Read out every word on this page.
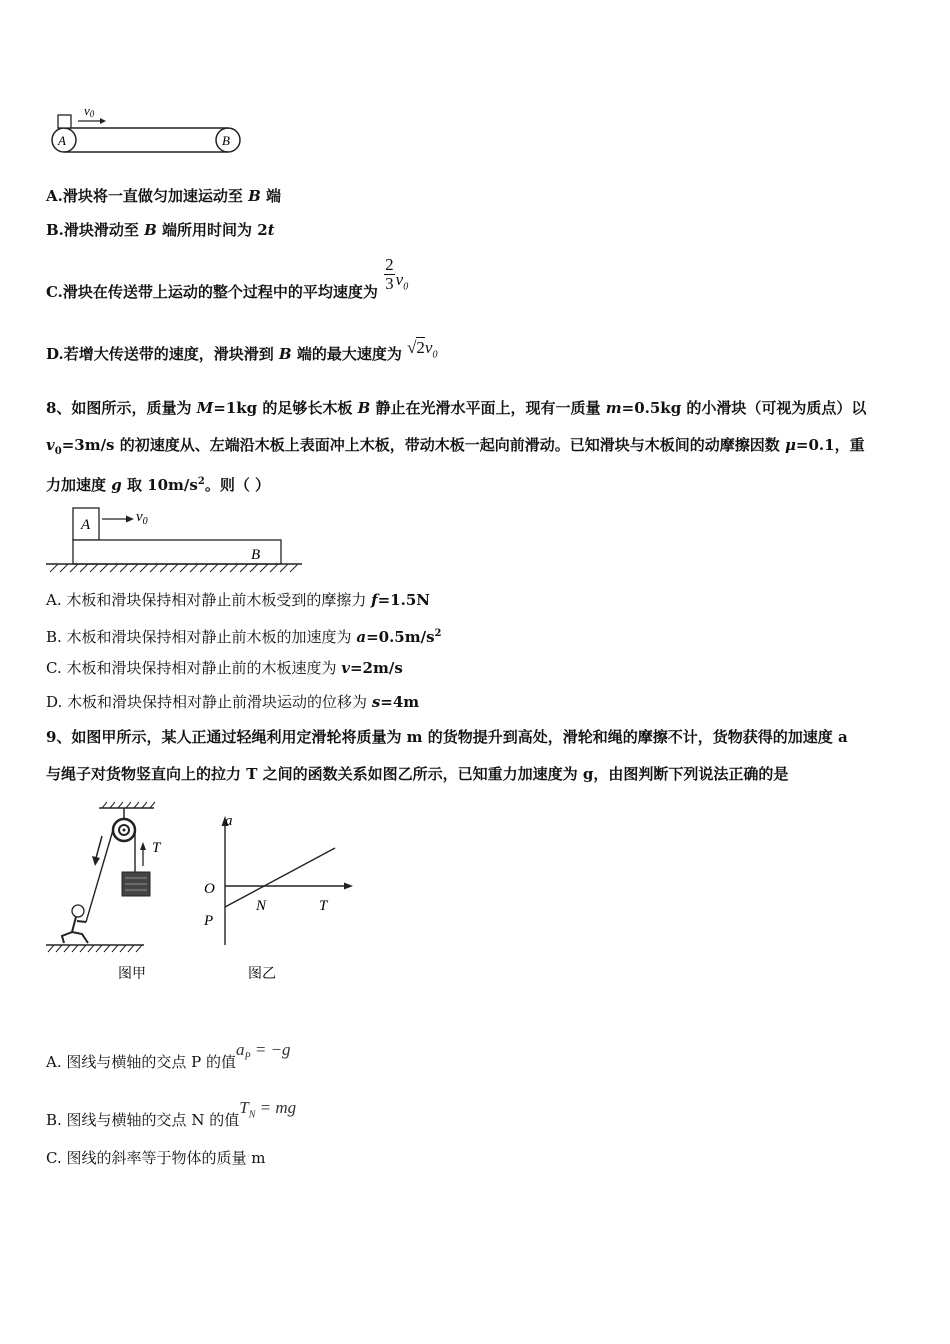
A	B
v0
A.滑块将一直做匀加速运动至 B 端
B.滑块滑动至 B 端所用时间为 2t
C.滑块在传送带上运动的整个过程中的平均速度为 $\frac{2}{3} v_0$
D.若增大传送带的速度，滑块滑到 B 端的最大速度为 $√2v_0$
8、如图所示，质量为 M=1kg 的足够长木板 B 静止在光滑水平面上，现有一质量 m=0.5kg 的小滑块（可视为质点）以
$v_0=3m/s$ 的初速度从、左端沿木板上表面冲上木板，带动木板一起向前滑动。已知滑块与木板间的动摩擦因数 μ=0.1，重
力加速度 g 取 $10m/s^2$。则（ ）
A
B
$v_0$
A. 木板和滑块保持相对静止前木板受到的摩擦力 f=1.5N
B. 木板和滑块保持相对静止前木板的加速度为 $a=0.5m/s^2$
C. 木板和滑块保持相对静止前的木板速度为 v=2m/s
D. 木板和滑块保持相对静止前滑块运动的位移为 s=4m
9、如图甲所示，某人正通过轻绳利用定滑轮将质量为 m 的货物提升到高处，滑轮和绳的摩擦不计，货物获得的加速度 a
与绳子对货物竖直向上的拉力 T 之间的函数关系如图乙所示，已知重力加速度为 g，由图判断下列说法正确的是
T
图甲
a
O
N	T
P
图乙
A. 图线与横轴的交点 P 的值$a_P = -g$
B. 图线与横轴的交点 N 的值$T_N$ = mg
C. 图线的斜率等于物体的质量 m
